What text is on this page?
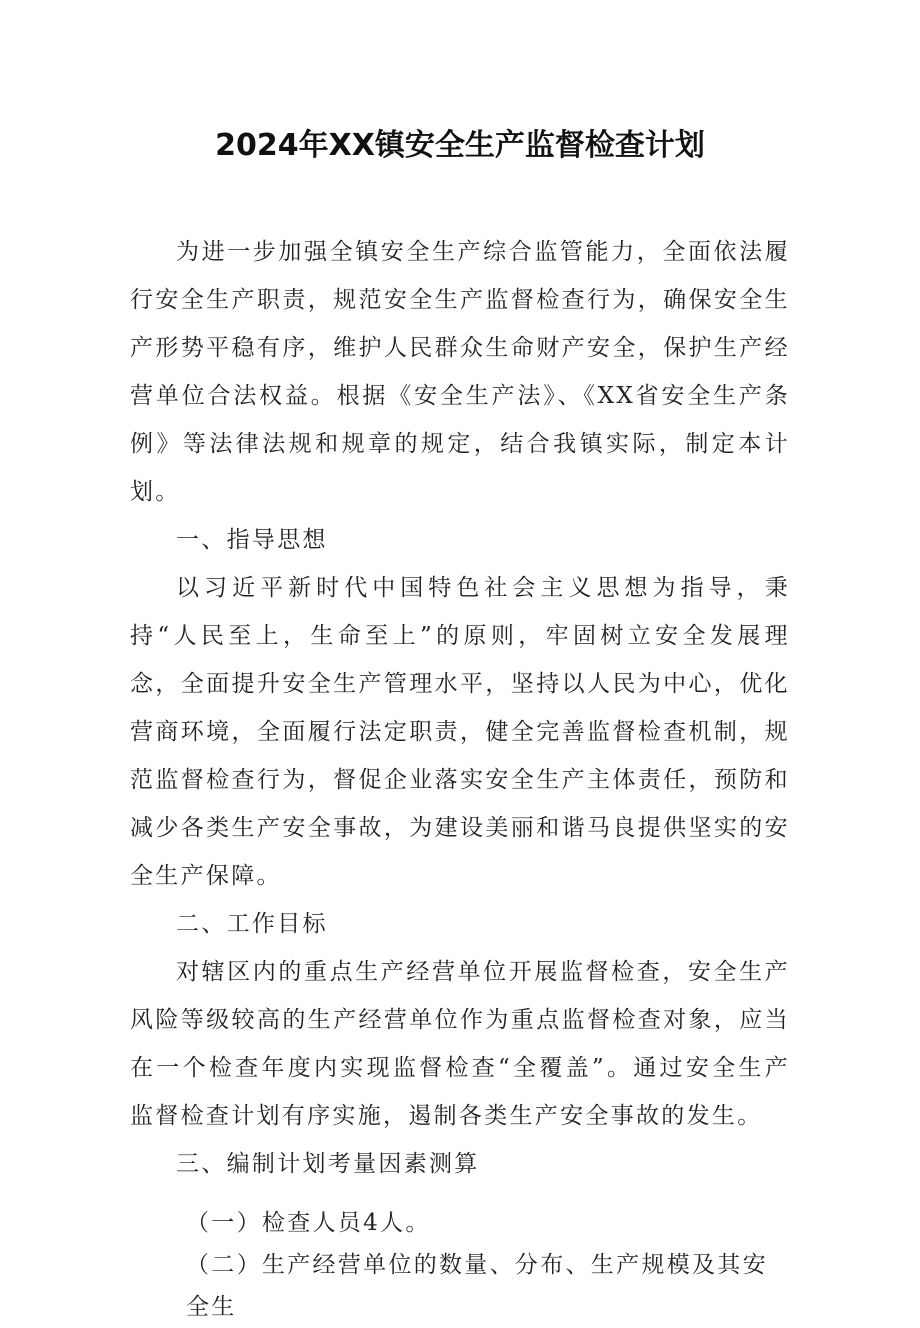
2024年XX镇安全生产监督检查计划

为进一步加强全镇安全生产综合监管能力，全面依法履行安全生产职责，规范安全生产监督检查行为，确保安全生产形势平稳有序，维护人民群众生命财产安全，保护生产经营单位合法权益。根据《安全生产法》、《XX省安全生产条例》等法律法规和规章的规定，结合我镇实际，制定本计划。

一、指导思想

以习近平新时代中国特色社会主义思想为指导，秉持“人民至上，生命至上”的原则，牢固树立安全发展理念，全面提升安全生产管理水平，坚持以人民为中心，优化营商环境，全面履行法定职责，健全完善监督检查机制，规范监督检查行为，督促企业落实安全生产主体责任，预防和减少各类生产安全事故，为建设美丽和谐马良提供坚实的安全生产保障。

二、工作目标

对辖区内的重点生产经营单位开展监督检查，安全生产风险等级较高的生产经营单位作为重点监督检查对象，应当在一个检查年度内实现监督检查“全覆盖”。通过安全生产监督检查计划有序实施，遏制各类生产安全事故的发生。

三、编制计划考量因素测算

（一）检查人员4人。

（二）生产经营单位的数量、分布、生产规模及其安全生
